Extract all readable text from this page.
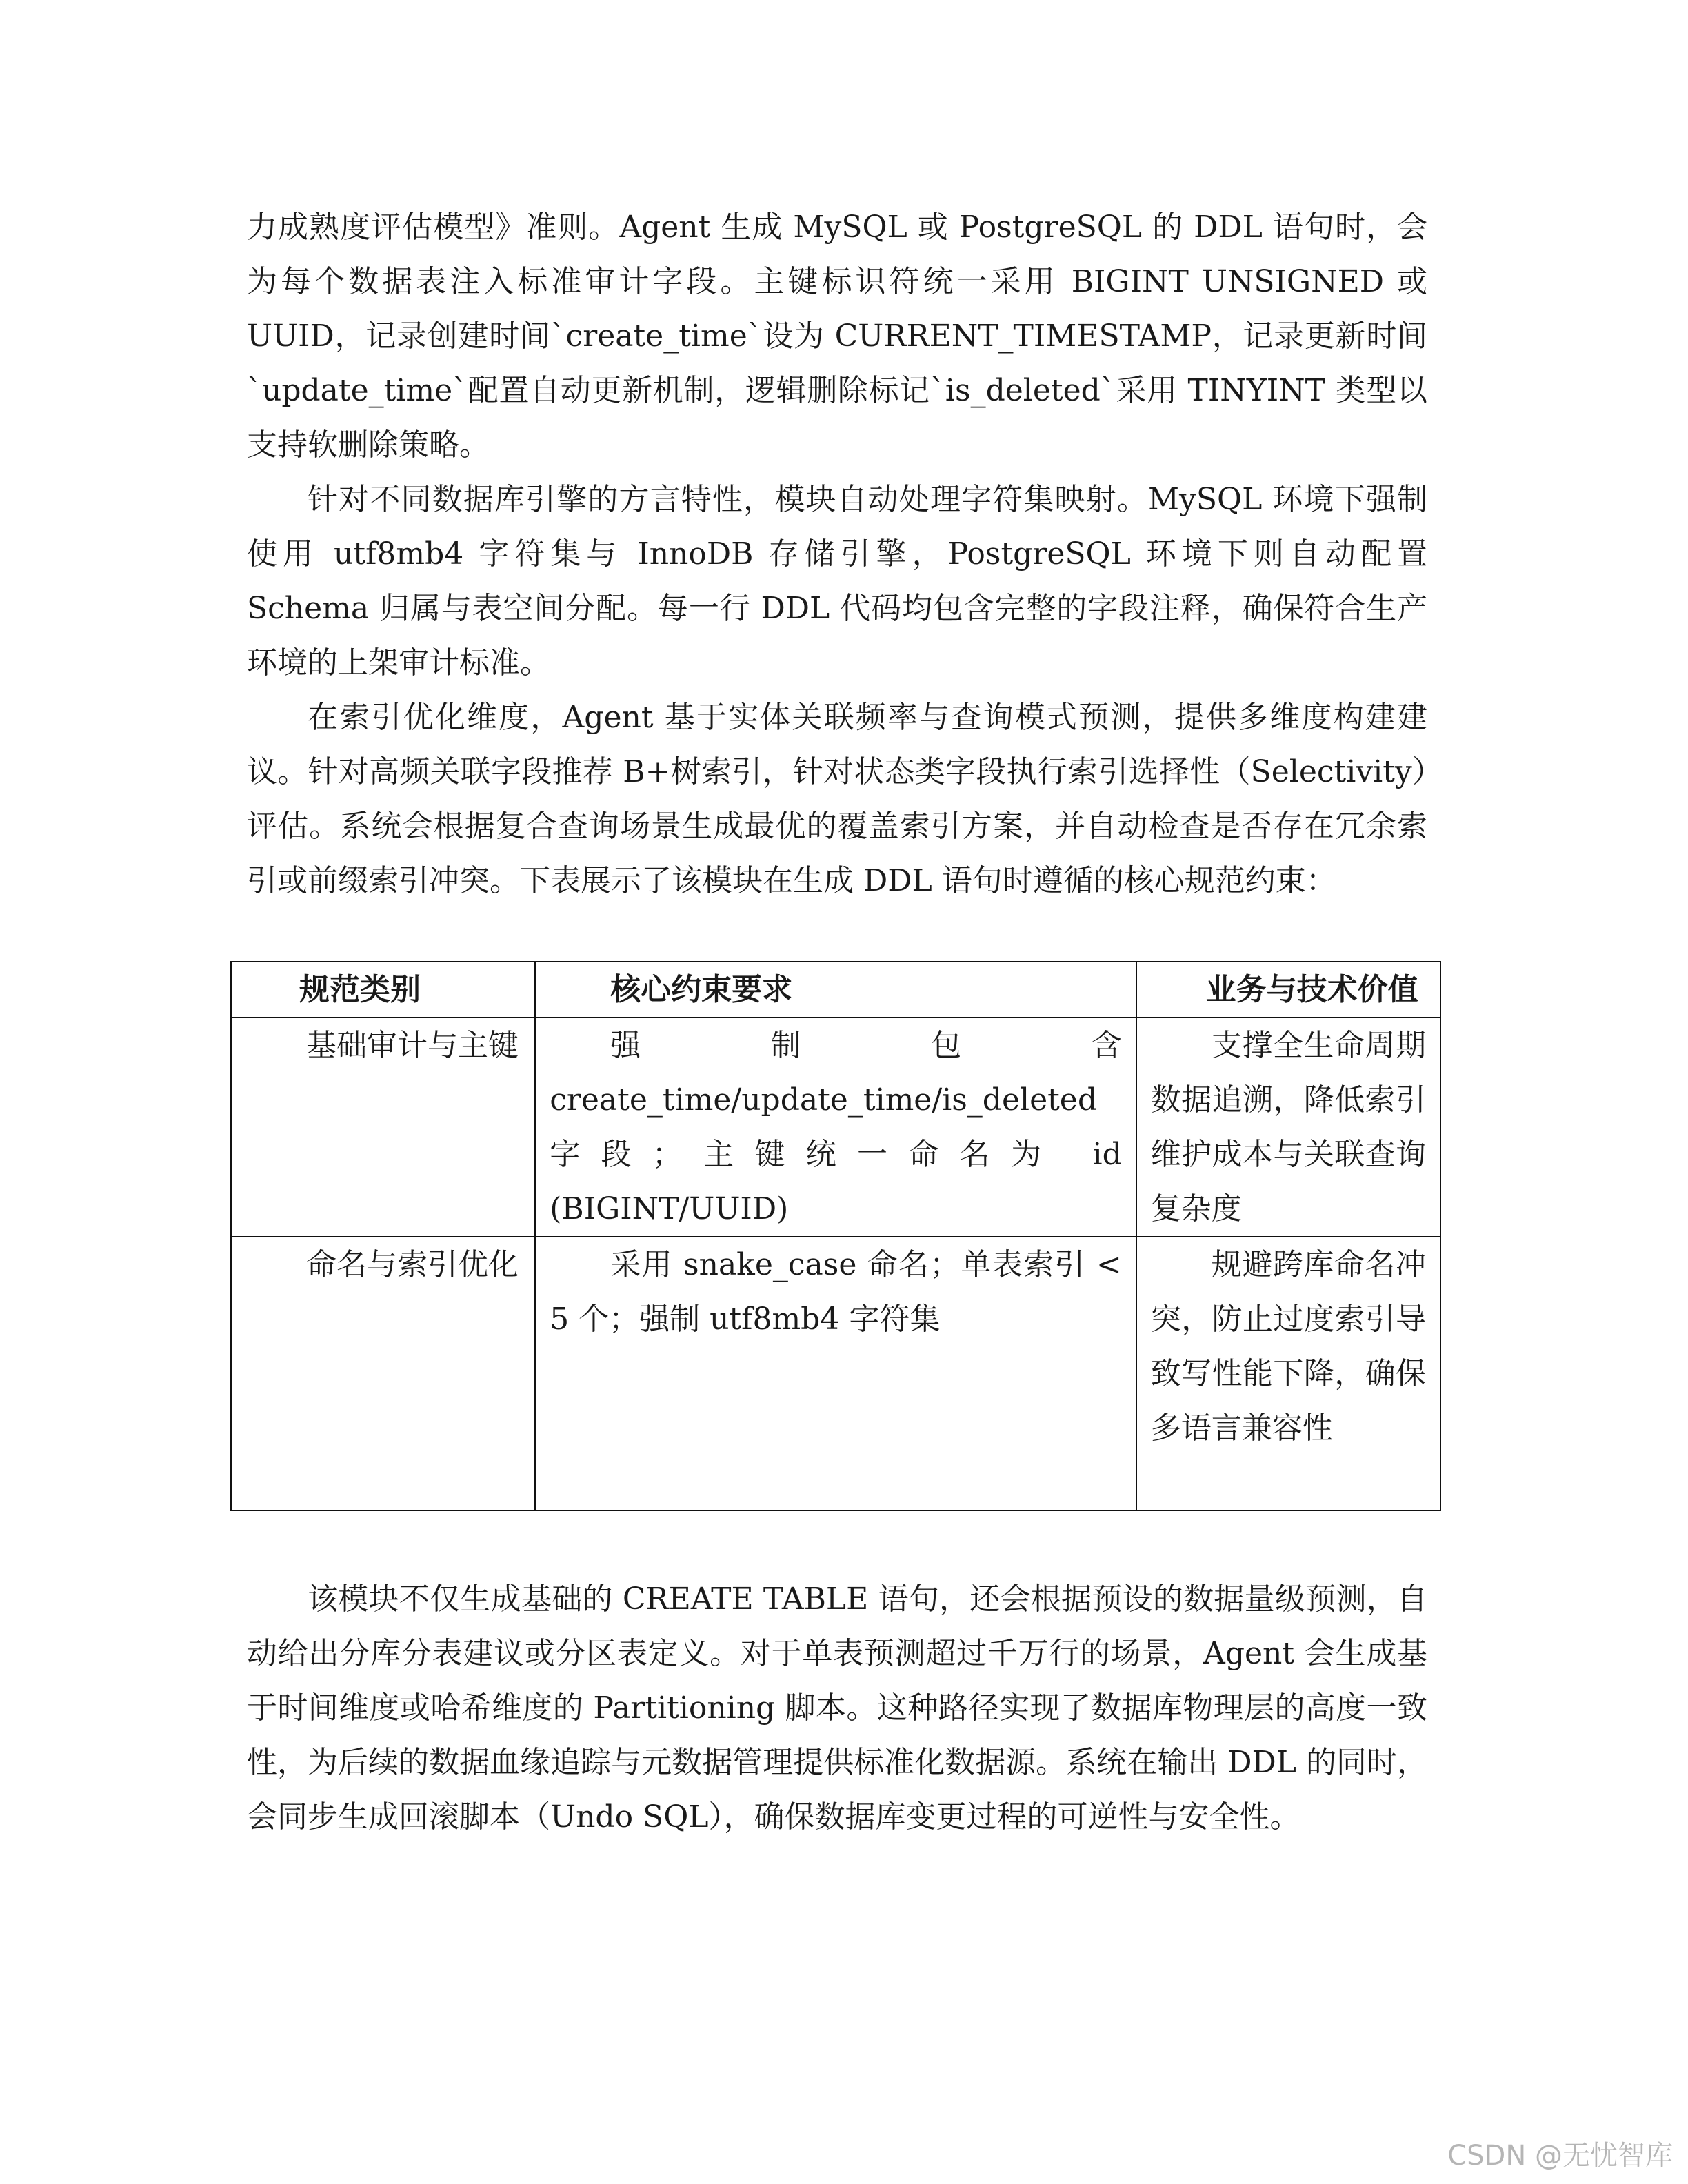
力成熟度评估模型》准则。Agent 生成 MySQL 或 PostgreSQL 的 DDL 语句时，会为每个数据表注入标准审计字段。主键标识符统一采用 BIGINT UNSIGNED 或 UUID，记录创建时间`create_time`设为 CURRENT_TIMESTAMP，记录更新时间`update_time`配置自动更新机制，逻辑删除标记`is_deleted`采用 TINYINT 类型以支持软删除策略。

针对不同数据库引擎的方言特性，模块自动处理字符集映射。MySQL 环境下强制使用 utf8mb4 字符集与 InnoDB 存储引擎，PostgreSQL 环境下则自动配置 Schema 归属与表空间分配。每一行 DDL 代码均包含完整的字段注释，确保符合生产环境的上架审计标准。

在索引优化维度，Agent 基于实体关联频率与查询模式预测，提供多维度构建建议。针对高频关联字段推荐 B+树索引，针对状态类字段执行索引选择性（Selectivity）评估。系统会根据复合查询场景生成最优的覆盖索引方案，并自动检查是否存在冗余索引或前缀索引冲突。下表展示了该模块在生成 DDL 语句时遵循的核心规范约束：

规范类别	核心约束要求	业务与技术价值
基础审计与主键	强制包含 create_time/update_time/is_deleted 字段；主键统一命名为 id (BIGINT/UUID)	支撑全生命周期数据追溯，降低索引维护成本与关联查询复杂度
命名与索引优化	采用 snake_case 命名；单表索引 < 5 个；强制 utf8mb4 字符集	规避跨库命名冲突，防止过度索引导致写性能下降，确保多语言兼容性

该模块不仅生成基础的 CREATE TABLE 语句，还会根据预设的数据量级预测，自动给出分库分表建议或分区表定义。对于单表预测超过千万行的场景，Agent 会生成基于时间维度或哈希维度的 Partitioning 脚本。这种路径实现了数据库物理层的高度一致性，为后续的数据血缘追踪与元数据管理提供标准化数据源。系统在输出 DDL 的同时，会同步生成回滚脚本（Undo SQL），确保数据库变更过程的可逆性与安全性。

CSDN @无忧智库
